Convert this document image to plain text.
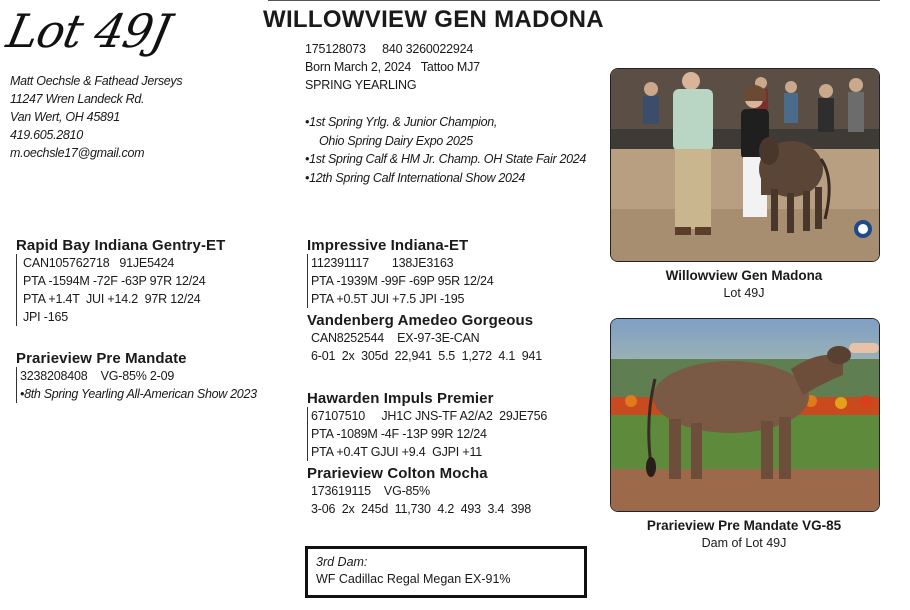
Lot 49J	WILLOWVIEW GEN MADONA
Matt Oechsle & Fathead Jerseys
11247 Wren Landeck Rd.
Van Wert, OH 45891
419.605.2810
m.oechsle17@gmail.com
175128073     840 3260022924
Born March 2, 2024   Tattoo MJ7
SPRING YEARLING
•1st Spring Yrlg. & Junior Champion,
Ohio Spring Dairy Expo 2025
•1st Spring Calf & HM Jr. Champ. OH State Fair 2024
•12th Spring Calf International Show 2024
Rapid Bay Indiana Gentry-ET
CAN105762718   91JE5424
PTA -1594M -72F -63P 97R 12/24
PTA +1.4T  JUI +14.2  97R 12/24
JPI -165
Prarieview Pre Mandate
3238208408    VG-85% 2-09
•8th Spring Yearling All-American Show 2023
Impressive Indiana-ET
112391117       138JE3163
PTA -1939M -99F -69P 95R 12/24
PTA +0.5T JUI +7.5 JPI -195
Vandenberg Amedeo Gorgeous
CAN8252544    EX-97-3E-CAN
6-01  2x  305d  22,941  5.5  1,272  4.1  941
Hawarden Impuls Premier
67107510     JH1C JNS-TF A2/A2  29JE756
PTA -1089M -4F -13P 99R 12/24
PTA +0.4T GJUI +9.4  GJPI +11
Prarieview Colton Mocha
173619115    VG-85%
3-06  2x  245d  11,730  4.2  493  3.4  398
Willowview Gen Madona
Lot 49J
Prarieview Pre Mandate VG-85
Dam of Lot 49J
3rd Dam:
WF Cadillac Regal Megan EX-91%
